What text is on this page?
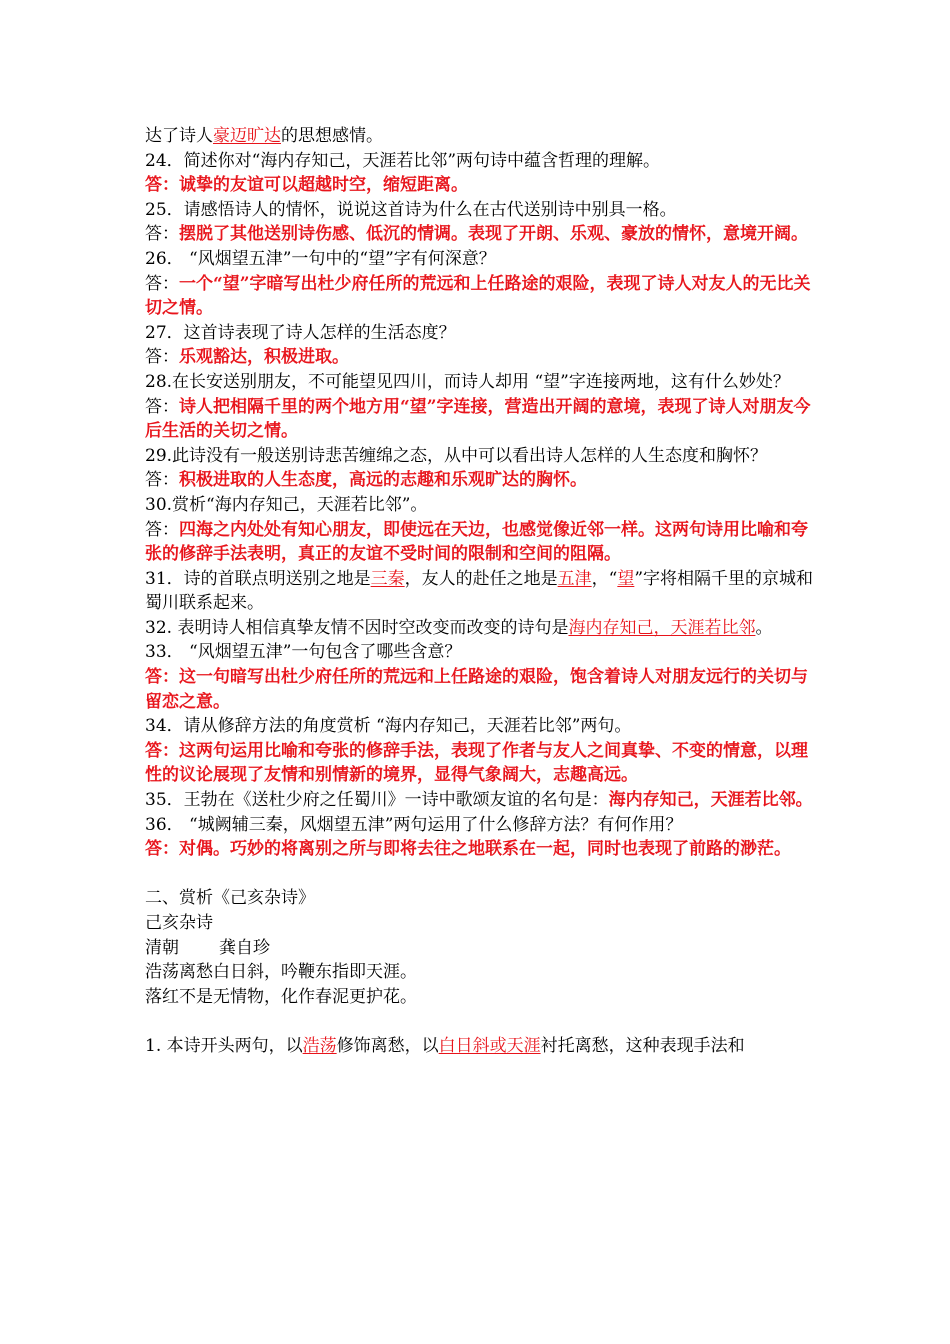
达了诗人豪迈旷达的思想感情。
24．简述你对“海内存知己，天涯若比邻”两句诗中蕴含哲理的理解。
答：诚挚的友谊可以超越时空，缩短距离。
25．请感悟诗人的情怀，说说这首诗为什么在古代送别诗中别具一格。
答：摆脱了其他送别诗伤感、低沉的情调。表现了开朗、乐观、豪放的情怀，意境开阔。
26． “风烟望五津”一句中的“望”字有何深意？
答：一个“望”字暗写出杜少府任所的荒远和上任路途的艰险，表现了诗人对友人的无比关切之情。
27．这首诗表现了诗人怎样的生活态度？
答：乐观豁达，积极进取。
28.在长安送别朋友，不可能望见四川，而诗人却用 “望”字连接两地，这有什么妙处？
答：诗人把相隔千里的两个地方用“望”字连接，营造出开阔的意境，表现了诗人对朋友今后生活的关切之情。
29.此诗没有一般送别诗悲苦缠绵之态，从中可以看出诗人怎样的人生态度和胸怀？
答：积极进取的人生态度，高远的志趣和乐观旷达的胸怀。
30.赏析“海内存知己，天涯若比邻”。
答：四海之内处处有知心朋友，即使远在天边，也感觉像近邻一样。这两句诗用比喻和夸张的修辞手法表明，真正的友谊不受时间的限制和空间的阻隔。
31．诗的首联点明送别之地是三秦，友人的赴任之地是五津，“望”字将相隔千里的京城和蜀川联系起来。
32. 表明诗人相信真挚友情不因时空改变而改变的诗句是海内存知己，天涯若比邻。
33． “风烟望五津”一句包含了哪些含意？
答：这一句暗写出杜少府任所的荒远和上任路途的艰险，饱含着诗人对朋友远行的关切与留恋之意。
34．请从修辞方法的角度赏析 “海内存知己，天涯若比邻”两句。
答：这两句运用比喻和夸张的修辞手法，表现了作者与友人之间真挚、不变的情意，以理性的议论展现了友情和别情新的境界，显得气象阔大，志趣高远。
35．王勃在《送杜少府之任蜀川》一诗中歌颂友谊的名句是：海内存知己，天涯若比邻。
36． “城阙辅三秦，风烟望五津”两句运用了什么修辞方法？有何作用？
答：对偶。巧妙的将离别之所与即将去往之地联系在一起，同时也表现了前路的渺茫。
二、赏析《己亥杂诗》
己亥杂诗
清朝 龚自珍
浩荡离愁白日斜，吟鞭东指即天涯。
落红不是无情物，化作春泥更护花。
1. 本诗开头两句，以浩荡修饰离愁，以白日斜或天涯衬托离愁，这种表现手法和
